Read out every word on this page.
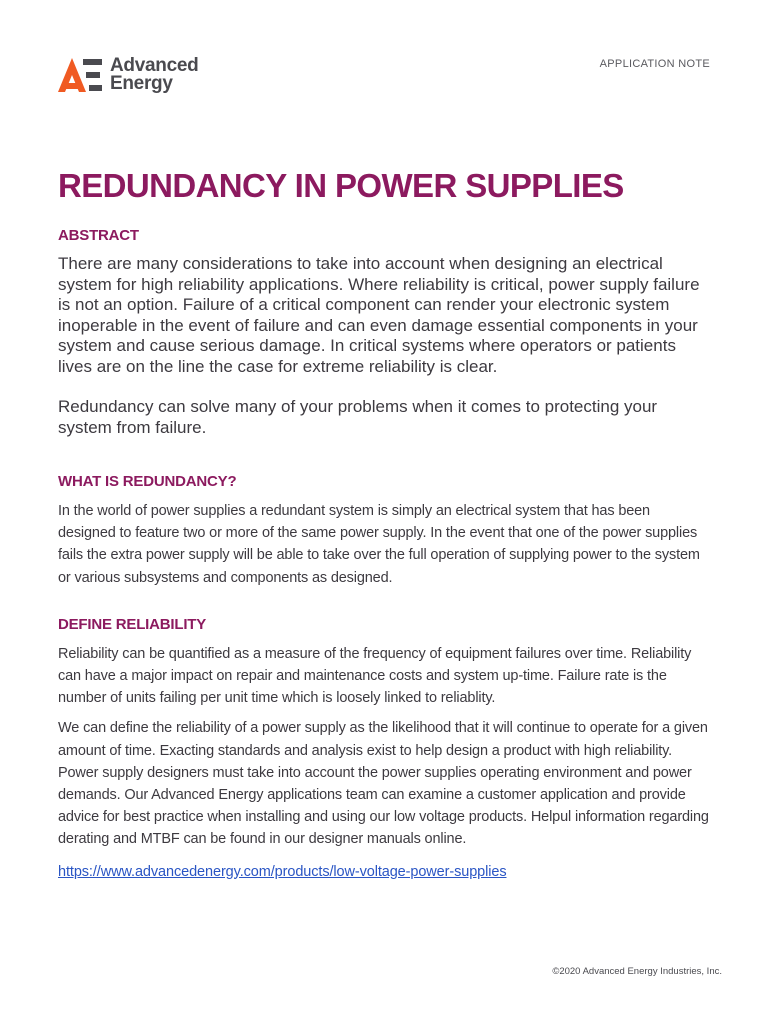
Advanced
Energy
APPLICATION NOTE
REDUNDANCY IN POWER SUPPLIES
ABSTRACT

There are many considerations to take into account when designing an electrical system for high reliability applications. Where reliability is critical, power supply failure is not an option. Failure of a critical component can render your electronic system inoperable in the event of failure and can even damage essential components in your system and cause serious damage. In critical systems where operators or patients lives are on the line the case for extreme reliability is clear.

Redundancy can solve many of your problems when it comes to protecting your system from failure.

WHAT IS REDUNDANCY?

In the world of power supplies a redundant system is simply an electrical system that has been designed to feature two or more of the same power supply. In the event that one of the power supplies fails the extra power supply will be able to take over the full operation of supplying power to the system or various subsystems and components as designed.

DEFINE RELIABILITY

Reliability can be quantified as a measure of the frequency of equipment failures over time. Reliability can have a major impact on repair and maintenance costs and system up-time. Failure rate is the number of units failing per unit time which is loosely linked to reliablity.

We can define the reliability of a power supply as the likelihood that it will continue to operate for a given amount of time. Exacting standards and analysis exist to help design a product with high reliability. Power supply designers must take into account the power supplies operating environment and power demands. Our Advanced Energy applications team can examine a customer application and provide advice for best practice when installing and using our low voltage products. Helpul information regarding derating and MTBF can be found in our designer manuals online.

https://www.advancedenergy.com/products/low-voltage-power-supplies
©2020 Advanced Energy Industries, Inc.
